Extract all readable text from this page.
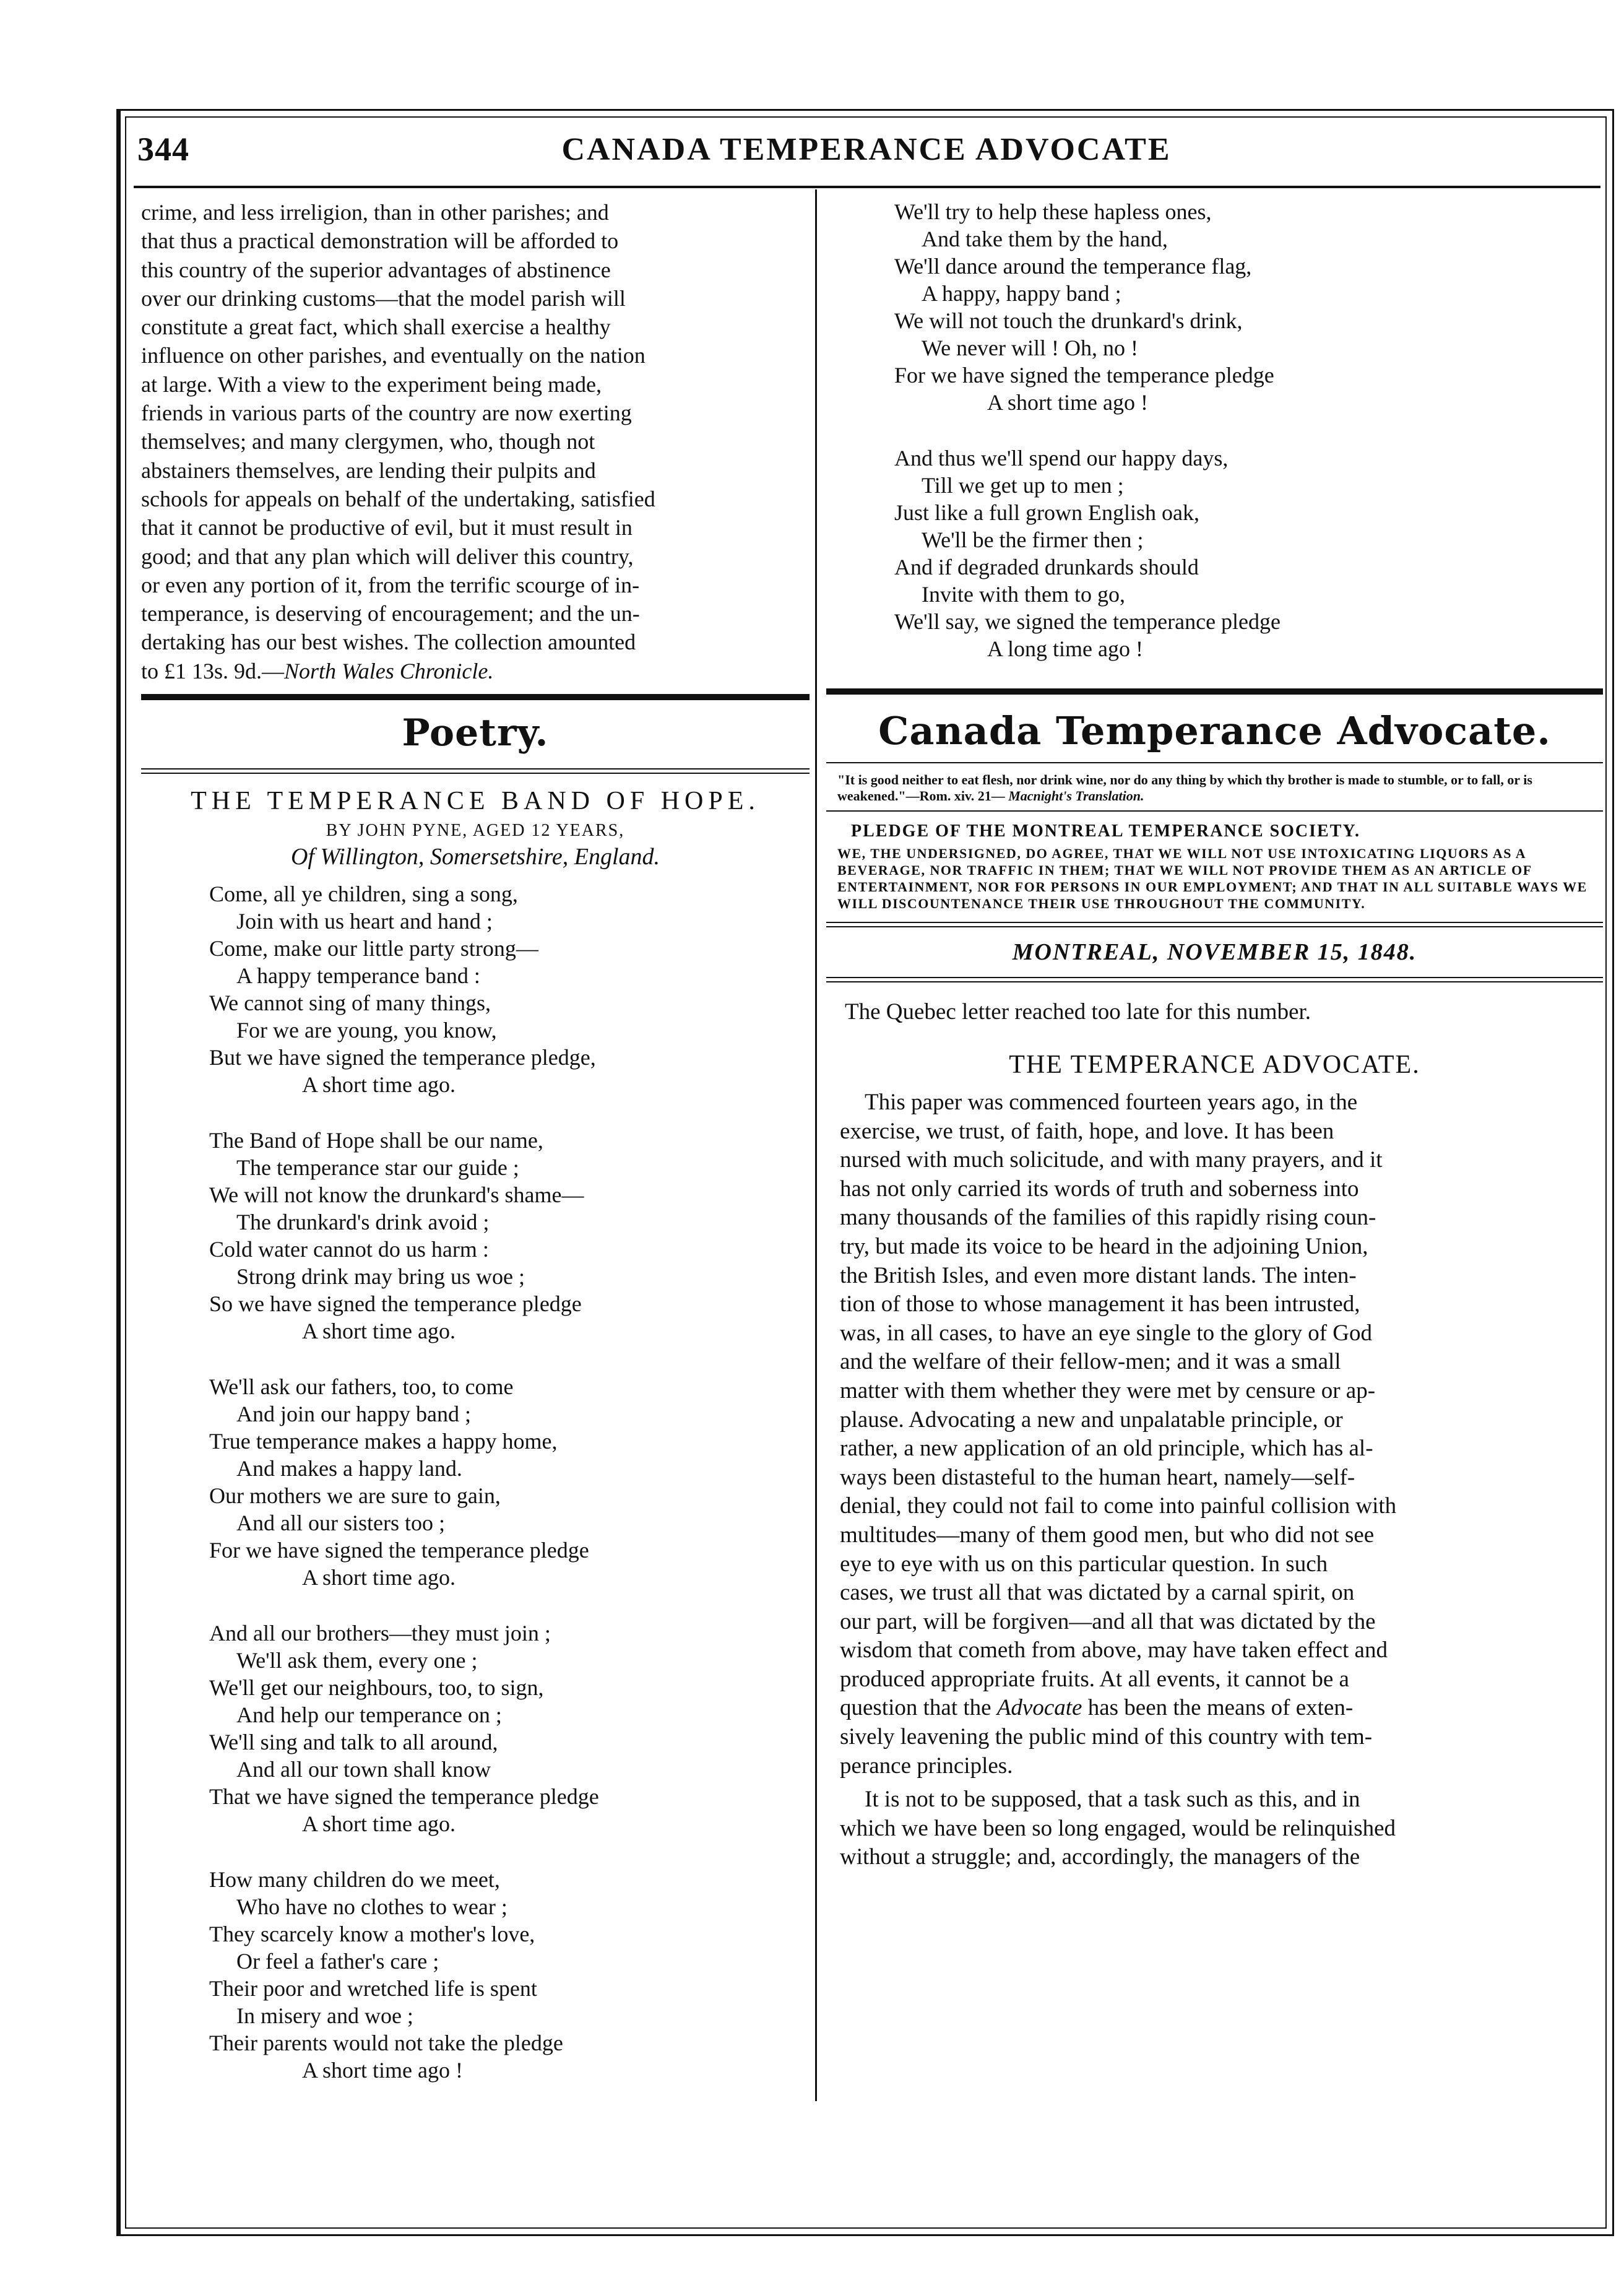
344	CANADA TEMPERANCE ADVOCATE
crime, and less irreligion, than in other parishes; and
that thus a practical demonstration will be afforded to
this country of the superior advantages of abstinence
over our drinking customs—that the model parish will
constitute a great fact, which shall exercise a healthy
influence on other parishes, and eventually on the nation
at large. With a view to the experiment being made,
friends in various parts of the country are now exerting
themselves; and many clergymen, who, though not
abstainers themselves, are lending their pulpits and
schools for appeals on behalf of the undertaking, satisfied
that it cannot be productive of evil, but it must result in
good; and that any plan which will deliver this country,
or even any portion of it, from the terrific scourge of in-
temperance, is deserving of encouragement; and the un-
dertaking has our best wishes. The collection amounted
to £1 13s. 9d.—North Wales Chronicle.
Poetry.
THE TEMPERANCE BAND OF HOPE.
BY JOHN PYNE, AGED 12 YEARS,
Of Willington, Somersetshire, England.
Come, all ye children, sing a song,
Join with us heart and hand ;
Come, make our little party strong—
A happy temperance band :
We cannot sing of many things,
For we are young, you know,
But we have signed the temperance pledge,
A short time ago.
The Band of Hope shall be our name,
The temperance star our guide ;
We will not know the drunkard's shame—
The drunkard's drink avoid ;
Cold water cannot do us harm :
Strong drink may bring us woe ;
So we have signed the temperance pledge
A short time ago.
We'll ask our fathers, too, to come
And join our happy band ;
True temperance makes a happy home,
And makes a happy land.
Our mothers we are sure to gain,
And all our sisters too ;
For we have signed the temperance pledge
A short time ago.
And all our brothers—they must join ;
We'll ask them, every one ;
We'll get our neighbours, too, to sign,
And help our temperance on ;
We'll sing and talk to all around,
And all our town shall know
That we have signed the temperance pledge
A short time ago.
How many children do we meet,
Who have no clothes to wear ;
They scarcely know a mother's love,
Or feel a father's care ;
Their poor and wretched life is spent
In misery and woe ;
Their parents would not take the pledge
A short time ago !
We'll try to help these hapless ones,
And take them by the hand,
We'll dance around the temperance flag,
A happy, happy band ;
We will not touch the drunkard's drink,
We never will ! Oh, no !
For we have signed the temperance pledge
A short time ago !
And thus we'll spend our happy days,
Till we get up to men ;
Just like a full grown English oak,
We'll be the firmer then ;
And if degraded drunkards should
Invite with them to go,
We'll say, we signed the temperance pledge
A long time ago !
Canada Temperance Advocate.
"It is good neither to eat flesh, nor drink wine, nor do any thing by which thy brother is made to stumble, or to fall, or is weakened."—Rom. xiv. 21— Macnight's Translation.
PLEDGE OF THE MONTREAL TEMPERANCE SOCIETY.
WE, THE UNDERSIGNED, DO AGREE, THAT WE WILL NOT USE INTOXICATING LIQUORS AS A BEVERAGE, NOR TRAFFIC IN THEM; THAT WE WILL NOT PROVIDE THEM AS AN ARTICLE OF ENTERTAINMENT, NOR FOR PERSONS IN OUR EMPLOYMENT; AND THAT IN ALL SUITABLE WAYS WE WILL DISCOUNTENANCE THEIR USE THROUGHOUT THE COMMUNITY.
MONTREAL, NOVEMBER 15, 1848.
The Quebec letter reached too late for this number.
THE TEMPERANCE ADVOCATE.
This paper was commenced fourteen years ago, in the
exercise, we trust, of faith, hope, and love. It has been
nursed with much solicitude, and with many prayers, and it
has not only carried its words of truth and soberness into
many thousands of the families of this rapidly rising coun-
try, but made its voice to be heard in the adjoining Union,
the British Isles, and even more distant lands. The inten-
tion of those to whose management it has been intrusted,
was, in all cases, to have an eye single to the glory of God
and the welfare of their fellow-men; and it was a small
matter with them whether they were met by censure or ap-
plause. Advocating a new and unpalatable principle, or
rather, a new application of an old principle, which has al-
ways been distasteful to the human heart, namely—self-
denial, they could not fail to come into painful collision with
multitudes—many of them good men, but who did not see
eye to eye with us on this particular question. In such
cases, we trust all that was dictated by a carnal spirit, on
our part, will be forgiven—and all that was dictated by the
wisdom that cometh from above, may have taken effect and
produced appropriate fruits. At all events, it cannot be a
question that the Advocate has been the means of exten-
sively leavening the public mind of this country with tem-
perance principles.
It is not to be supposed, that a task such as this, and in
which we have been so long engaged, would be relinquished
without a struggle; and, accordingly, the managers of the
